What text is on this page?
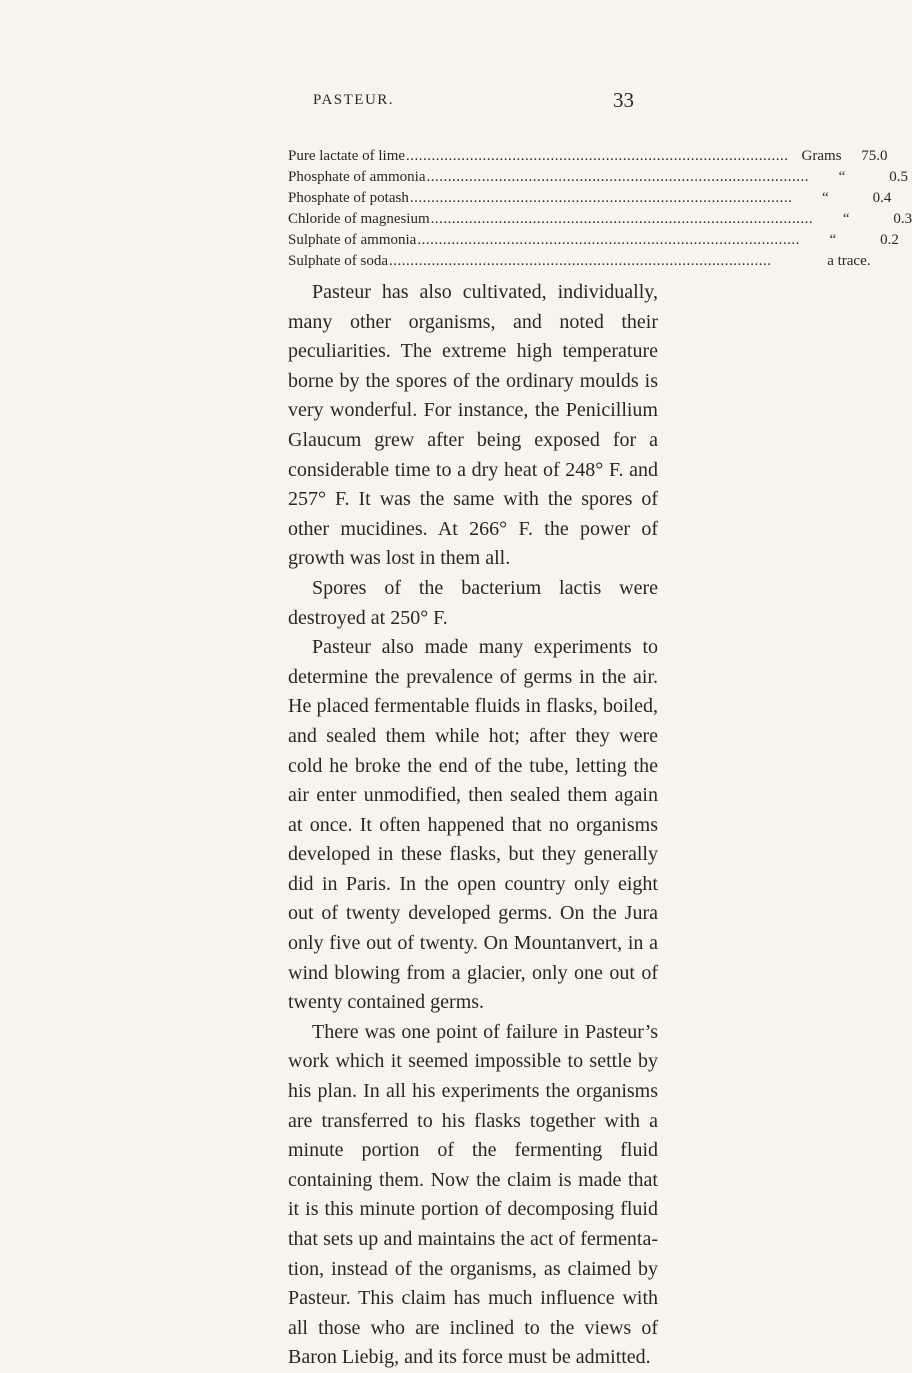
PASTEUR.	33
Pure lactate of lime .......................................................................................... Grams	75.0
Phosphate of ammonia ..........................................................................................	“	0.5
Phosphate of potash ..........................................................................................	“	0.4
Chloride of magnesium ..........................................................................................	“	0.3
Sulphate of ammonia ..........................................................................................	“	0.2
Sulphate of soda ..........................................................................................	a trace.

Pasteur has also cultivated, individually, many other organisms, and noted their peculiarities. The extreme high temperature borne by the spores of the ordinary moulds is very wonderful. For instance, the Penicillium Glaucum grew after being exposed for a considerable time to a dry heat of 248° F. and 257° F. It was the same with the spores of other mucidines. At 266° F. the power of growth was lost in them all.

Spores of the bacterium lactis were destroyed at 250° F.

Pasteur also made many experiments to determine the prevalence of germs in the air. He placed fermentable fluids in flasks, boiled, and sealed them while hot; after they were cold he broke the end of the tube, letting the air enter unmodified, then sealed them again at once. It often happened that no organisms developed in these flasks, but they generally did in Paris. In the open country only eight out of twenty developed germs. On the Jura only five out of twenty. On Mountanvert, in a wind blowing from a glacier, only one out of twenty contained germs.

There was one point of failure in Pasteur’s work which it seemed impossible to settle by his plan. In all his experiments the organisms are transferred to his flasks together with a minute portion of the fermenting fluid containing them. Now the claim is made that it is this minute portion of decomposing fluid that sets up and maintains the act of fermentation, instead of the organisms, as claimed by Pasteur. This claim has much influence with all those who are inclined to the views of Baron Liebig, and its force must be admitted.
